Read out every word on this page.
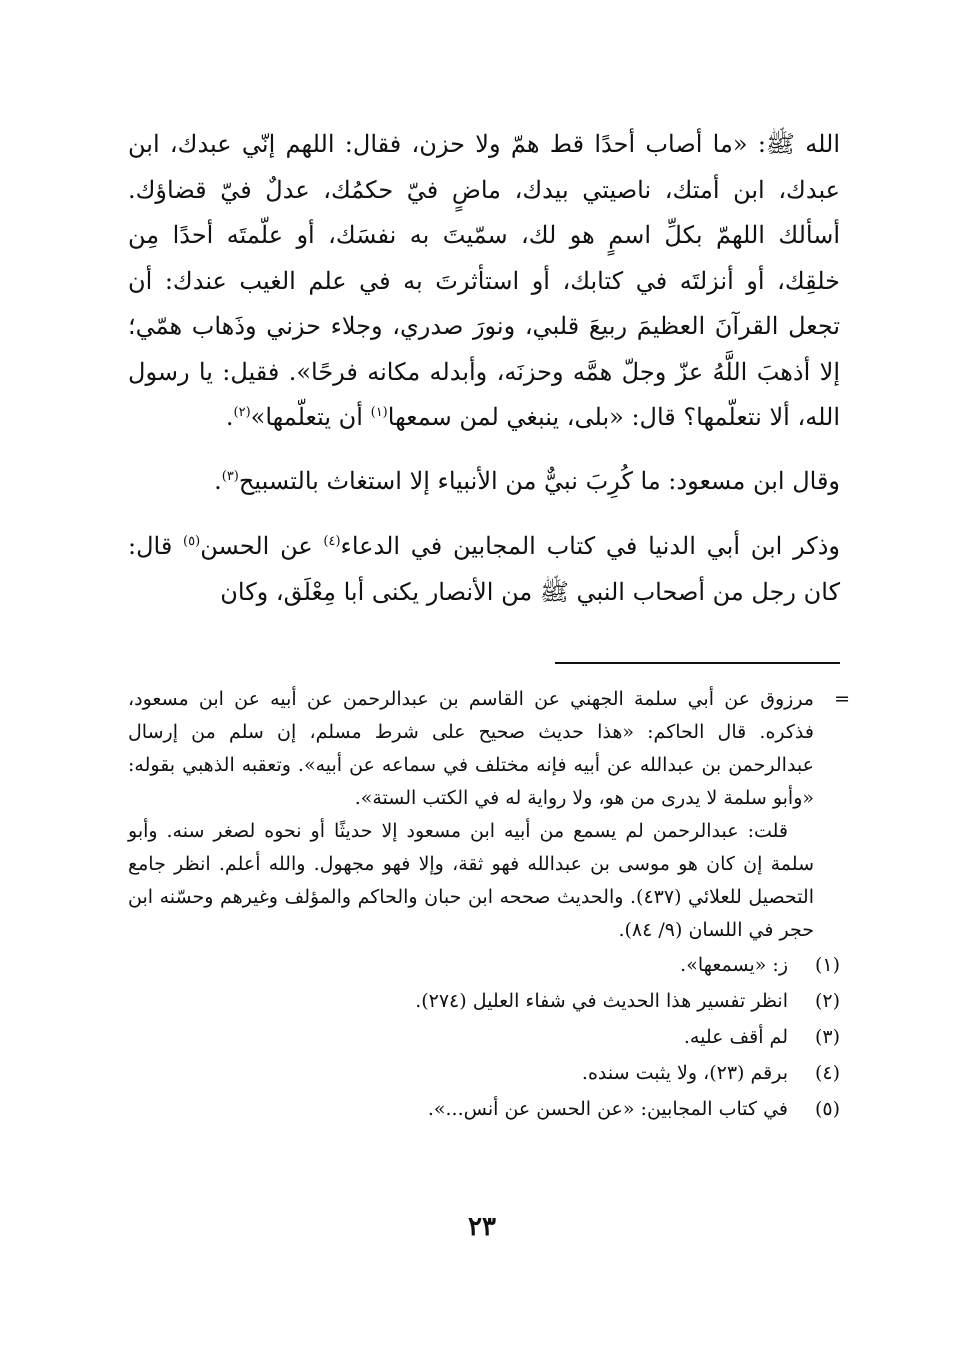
الله ﷺ: «ما أصاب أحدًا قط همّ ولا حزن، فقال: اللهم إنّي عبدك، ابن عبدك، ابن أمتك، ناصيتي بيدك، ماضٍ فيّ حكمُك، عدلٌ فيّ قضاؤك. أسألك اللهمّ بكلِّ اسمٍ هو لك، سمّيتَ به نفسَك، أو علّمتَه أحدًا مِن خلقِك، أو أنزلتَه في كتابك، أو استأثرتَ به في علم الغيب عندك: أن تجعل القرآنَ العظيمَ ربيعَ قلبي، ونورَ صدري، وجلاء حزني وذَهاب همّي؛ إلا أذهبَ اللَّهُ عزّ وجلّ همَّه وحزنَه، وأبدله مكانه فرحًا». فقيل: يا رسول الله، ألا نتعلّمها؟ قال: «بلى، ينبغي لمن سمعها$^{(١)}$ أن يتعلّمها»$^{(٢)}$.

وقال ابن مسعود: ما كُرِبَ نبيٌّ من الأنبياء إلا استغاث بالتسبيح$^{(٣)}$.

وذكر ابن أبي الدنيا في كتاب المجابين في الدعاء$^{(٤)}$ عن الحسن$^{(٥)}$ قال: كان رجل من أصحاب النبي ﷺ من الأنصار يكنى أبا مِعْلَق، وكان

=

مرزوق عن أبي سلمة الجهني عن القاسم بن عبدالرحمن عن أبيه عن ابن مسعود، فذكره. قال الحاكم: «هذا حديث صحيح على شرط مسلم، إن سلم من إرسال عبدالرحمن بن عبدالله عن أبيه فإنه مختلف في سماعه عن أبيه». وتعقبه الذهبي بقوله: «وأبو سلمة لا يدرى من هو، ولا رواية له في الكتب الستة».

قلت: عبدالرحمن لم يسمع من أبيه ابن مسعود إلا حديثًا أو نحوه لصغر سنه. وأبو سلمة إن كان هو موسى بن عبدالله فهو ثقة، وإلا فهو مجهول. والله أعلم. انظر جامع التحصيل للعلائي (٤٣٧). والحديث صححه ابن حبان والحاكم والمؤلف وغيرهم وحسّنه ابن حجر في اللسان (٩/ ٨٤).

(١)
ز: «يسمعها».
(٢)
انظر تفسير هذا الحديث في شفاء العليل (٢٧٤).
(٣)
لم أقف عليه.
(٤)
برقم (٢٣)، ولا يثبت سنده.
(٥)
في كتاب المجابين: «عن الحسن عن أنس...».
٢٣
